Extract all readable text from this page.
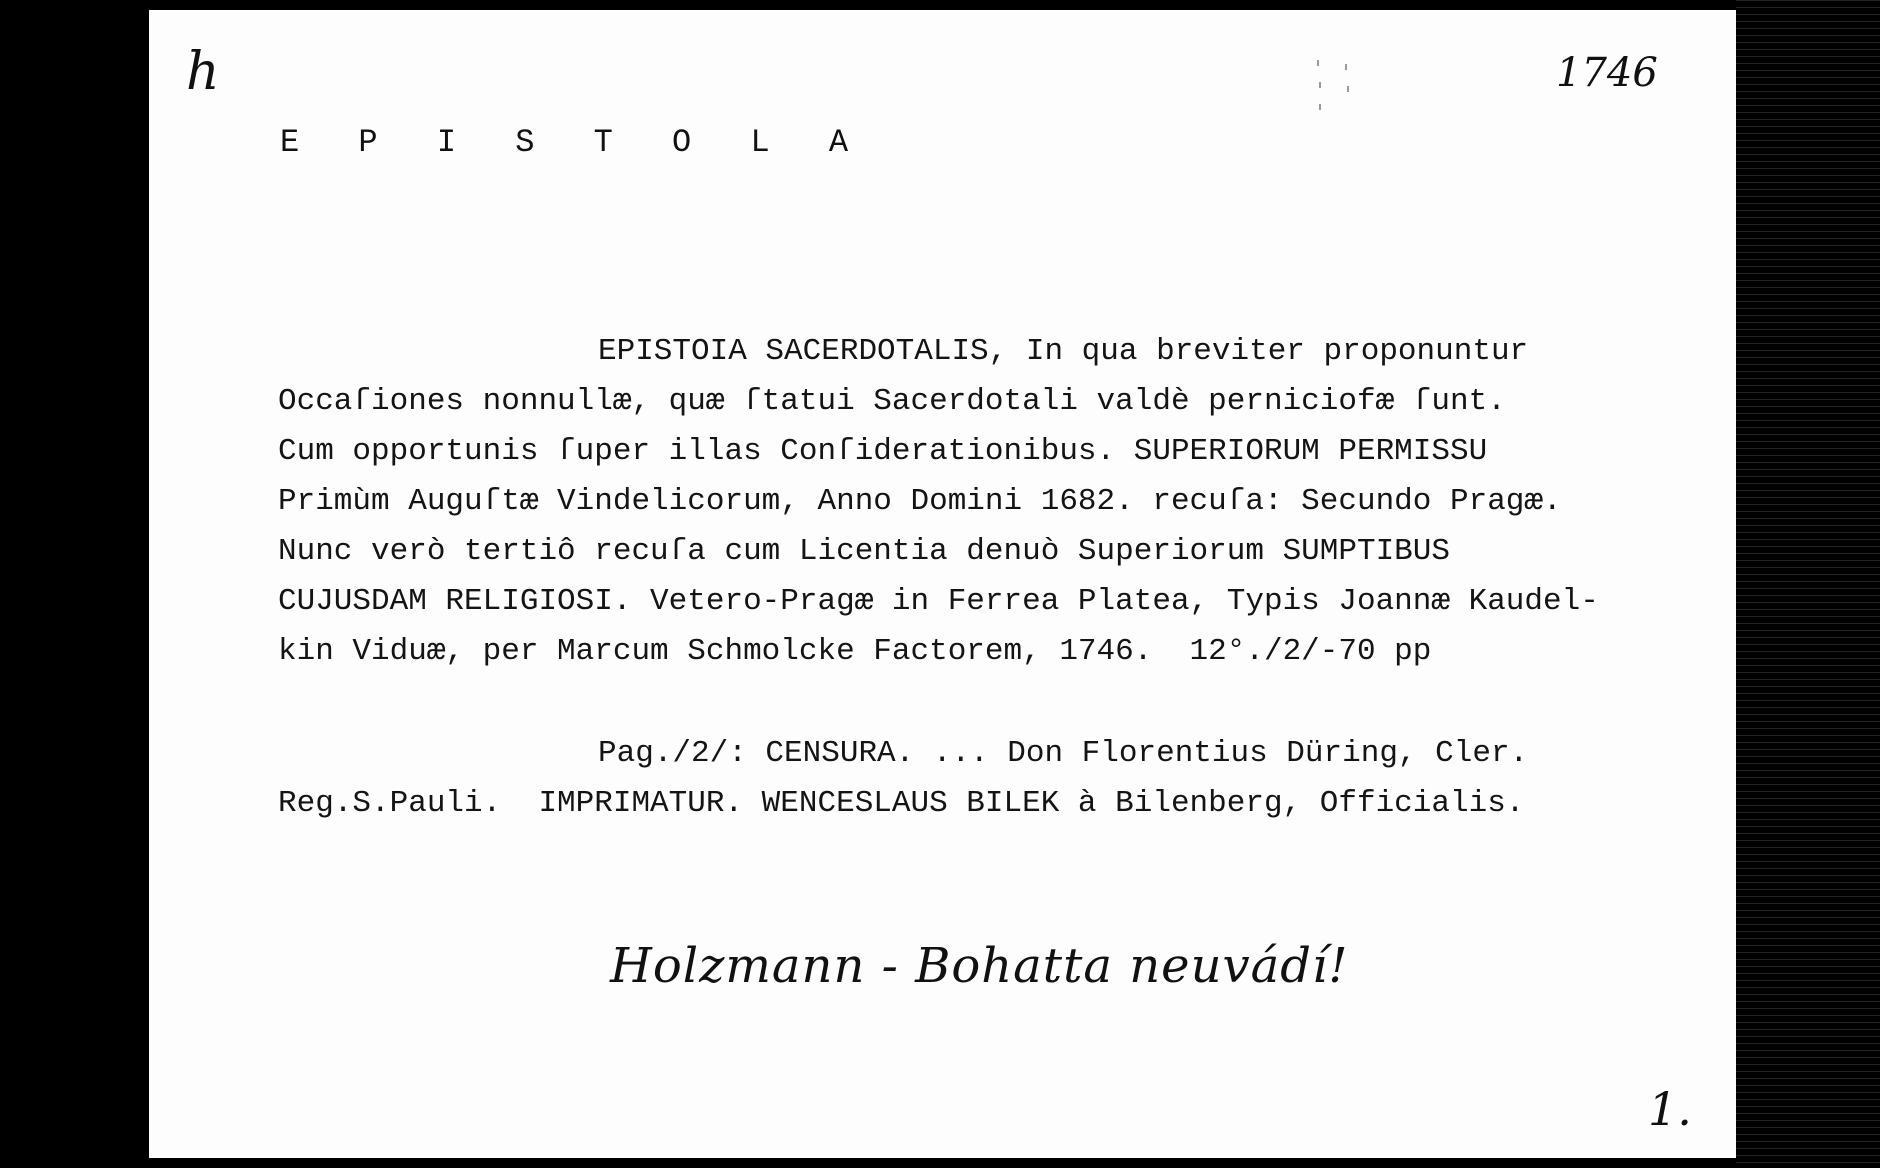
h	1746
E P I S T O L A

EPISTOIA SACERDOTALIS, In qua breviter proponuntur

Occaſiones nonnullæ, quæ ſtatui Sacerdotali valdè perniciofæ ſunt.

Cum opportunis ſuper illas Conſiderationibus. SUPERIORUM PERMISSU

Primùm Auguſtæ Vindelicorum, Anno Domini 1682. recuſa: Secundo Pragæ.

Nunc verò tertiô recuſa cum Licentia denuò Superiorum SUMPTIBUS

CUJUSDAM RELIGIOSI. Vetero-Pragæ in Ferrea Platea, Typis Joannæ Kaudel-

kin Viduæ, per Marcum Schmolcke Factorem, 1746.  12°./2/-70 pp

Pag./2/: CENSURA. ... Don Florentius Düring, Cler.

Reg.S.Pauli.  IMPRIMATUR. WENCESLAUS BILEK à Bilenberg, Officialis.

Holzmann - Bohatta neuvádí!
1.
